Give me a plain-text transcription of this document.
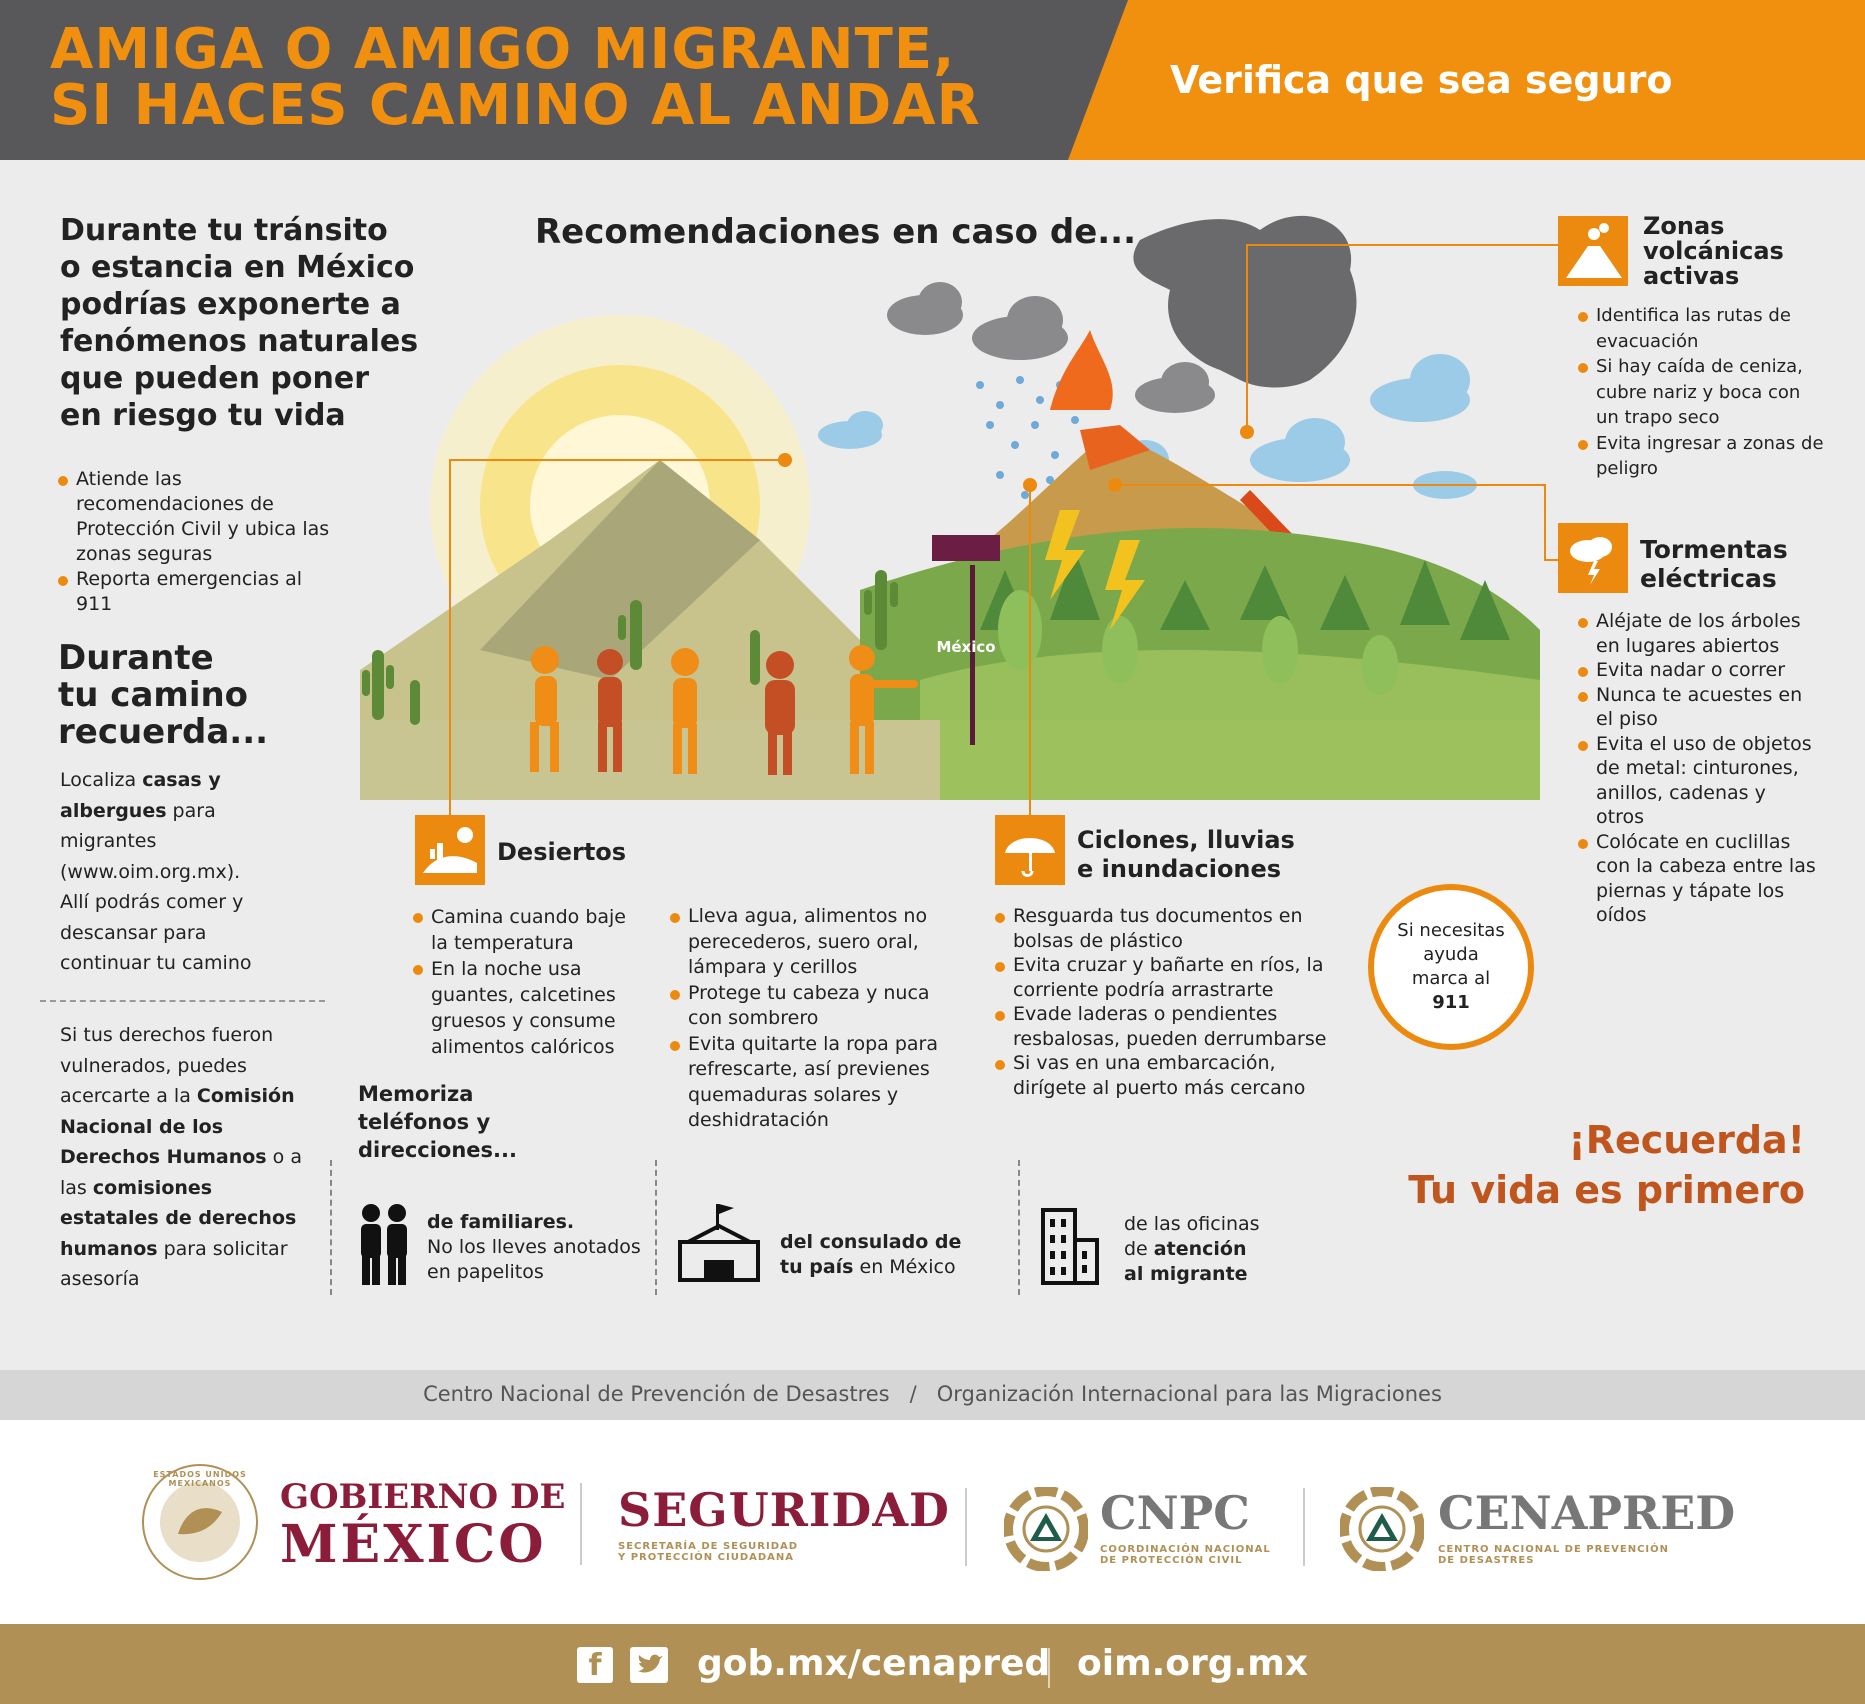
AMIGA O AMIGO MIGRANTE,
SI HACES CAMINO AL ANDAR	Verifica que sea seguro
Durante tu tránsito
o estancia en México
podrías exponerte a
fenómenos naturales
que pueden poner
en riesgo tu vida
Atiende las recomendaciones de Protección Civil y ubica las zonas seguras
Reporta emergencias al 911
Durante
tu camino
recuerda...

Localiza casas y albergues para migrantes (www.oim.org.mx). Allí podrás comer y descansar para continuar tu camino

Si tus derechos fueron vulnerados, puedes acercarte a la Comisión Nacional de los Derechos Humanos o a las comisiones estatales de derechos humanos para solicitar asesoría

Recomendaciones en caso de...
México
Zonas
volcánicas
activas
Identifica las rutas de evacuación
Si hay caída de ceniza, cubre nariz y boca con un trapo seco
Evita ingresar a zonas de peligro
Tormentas
eléctricas
Aléjate de los árboles en lugares abiertos
Evita nadar o correr
Nunca te acuestes en el piso
Evita el uso de objetos de metal: cinturones, anillos, cadenas y otros
Colócate en cuclillas con la cabeza entre las piernas y tápate los oídos
Desiertos
Camina cuando baje la temperatura
En la noche usa guantes, calcetines gruesos y consume alimentos calóricos
Lleva agua, alimentos no perecederos, suero oral, lámpara y cerillos
Protege tu cabeza y nuca con sombrero
Evita quitarte la ropa para refrescarte, así previenes quemaduras solares y deshidratación
Ciclones, lluvias
e inundaciones
Resguarda tus documentos en bolsas de plástico
Evita cruzar y bañarte en ríos, la corriente podría arrastrarte
Evade laderas o pendientes resbalosas, pueden derrumbarse
Si vas en una embarcación, dirígete al puerto más cercano
Si necesitas ayuda marca al
911
Memoriza
teléfonos y
direcciones...
de familiares.
No los lleves anotados en papelitos
del consulado de tu país en México
de las oficinas de atención al migrante
¡Recuerda!
Tu vida es primero
Centro Nacional de Prevención de Desastres / Organización Internacional para las Migraciones
ESTADOS UNIDOS MEXICANOS	GOBIERNO DE
MÉXICO
SEGURIDAD
SECRETARÍA DE SEGURIDAD
Y PROTECCIÓN CIUDADANA
CNPC
COORDINACIÓN NACIONAL
DE PROTECCIÓN CIVIL
CENAPRED
CENTRO NACIONAL DE PREVENCIÓN
DE DESASTRES
f	gob.mx/cenapred oim.org.mx
